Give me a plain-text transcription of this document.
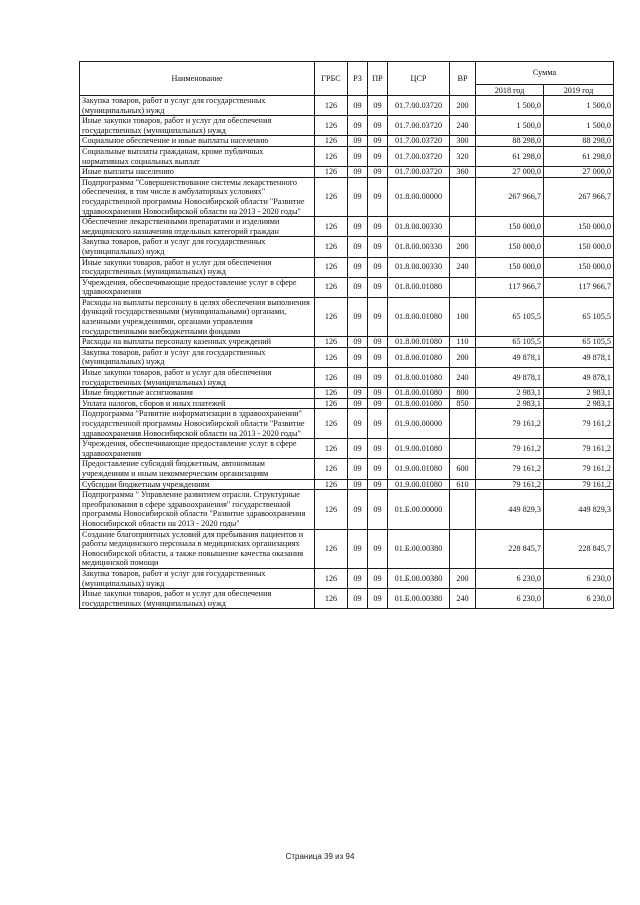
Наименование	ГРБС	РЗ	ПР	ЦСР	ВР	Сумма	
						2018 год	2019 год
Закупка товаров, работ и услуг для государственных (муниципальных) нужд	126	09	09	01.7.00.03720	200	1 500,0	1 500,0
Иные закупки товаров, работ и услуг для обеспечения государственных (муниципальных) нужд	126	09	09	01.7.00.03720	240	1 500,0	1 500,0
Социальное обеспечение и иные выплаты населению	126	09	09	01.7.00.03720	300	88 298,0	88 298,0
Социальные выплаты гражданам, кроме публичных нормативных социальных выплат	126	09	09	01.7.00.03720	320	61 298,0	61 298,0
Иные выплаты населению	126	09	09	01.7.00.03720	360	27 000,0	27 000,0
Подпрограмма "Совершенствование системы лекарственного обеспечения, в том числе в амбулаторных условиях" государственной программы Новосибирской области "Развитие здравоохранения Новосибирской области на 2013 - 2020 годы"	126	09	09	01.8.00.00000		267 966,7	267 966,7
Обеспечение лекарственными препаратами и изделиями медицинского назначения отдельных категорий граждан	126	09	09	01.8.00.00330		150 000,0	150 000,0
Закупка товаров, работ и услуг для государственных (муниципальных) нужд	126	09	09	01.8.00.00330	200	150 000,0	150 000,0
Иные закупки товаров, работ и услуг для обеспечения государственных (муниципальных) нужд	126	09	09	01.8.00.00330	240	150 000,0	150 000,0
Учреждения, обеспечивающие предоставление услуг в сфере здравоохранения	126	09	09	01.8.00.01080		117 966,7	117 966,7
Расходы на выплаты персоналу в целях обеспечения выполнения функций государственными (муниципальными) органами, казенными учреждениями, органами управления государственными внебюджетными фондами	126	09	09	01.8.00.01080	100	65 105,5	65 105,5
Расходы на выплаты персоналу казенных учреждений	126	09	09	01.8.00.01080	110	65 105,5	65 105,5
Закупка товаров, работ и услуг для государственных (муниципальных) нужд	126	09	09	01.8.00.01080	200	49 878,1	49 878,1
Иные закупки товаров, работ и услуг для обеспечения государственных (муниципальных) нужд	126	09	09	01.8.00.01080	240	49 878,1	49 878,1
Иные бюджетные ассигнования	126	09	09	01.8.00.01080	800	2 983,1	2 983,1
Уплата налогов, сборов и иных платежей	126	09	09	01.8.00.01080	850	2 983,1	2 983,1
Подпрограмма "Развитие информатизации в здравоохранении" государственной программы Новосибирской области "Развитие здравоохранения Новосибирской области на 2013 - 2020 годы"	126	09	09	01.9.00.00000		79 161,2	79 161,2
Учреждения, обеспечивающие предоставление услуг в сфере здравоохранения	126	09	09	01.9.00.01080		79 161,2	79 161,2
Предоставление субсидий бюджетным, автономным учреждениям и иным некоммерческим организациям	126	09	09	01.9.00.01080	600	79 161,2	79 161,2
Субсидии бюджетным учреждениям	126	09	09	01.9.00.01080	610	79 161,2	79 161,2
Подпрограмма " Управление развитием отрасли. Структурные преобразования в сфере здравоохранения" государственной программы Новосибирской области "Развитие здравоохранения Новосибирской области на 2013 - 2020 годы"	126	09	09	01.Б.00.00000		449 829,3	449 829,3
Создание благоприятных условий для пребывания пациентов и работы медицинского персонала в медицинских организациях Новосибирской области, а также повышение качества оказания медицинской помощи	126	09	09	01.Б.00.00380		228 845,7	228 845,7
Закупка товаров, работ и услуг для государственных (муниципальных) нужд	126	09	09	01.Б.00.00380	200	6 230,0	6 230,0
Иные закупки товаров, работ и услуг для обеспечения государственных (муниципальных) нужд	126	09	09	01.Б.00.00380	240	6 230,0	6 230,0
Страница 39 из 94
